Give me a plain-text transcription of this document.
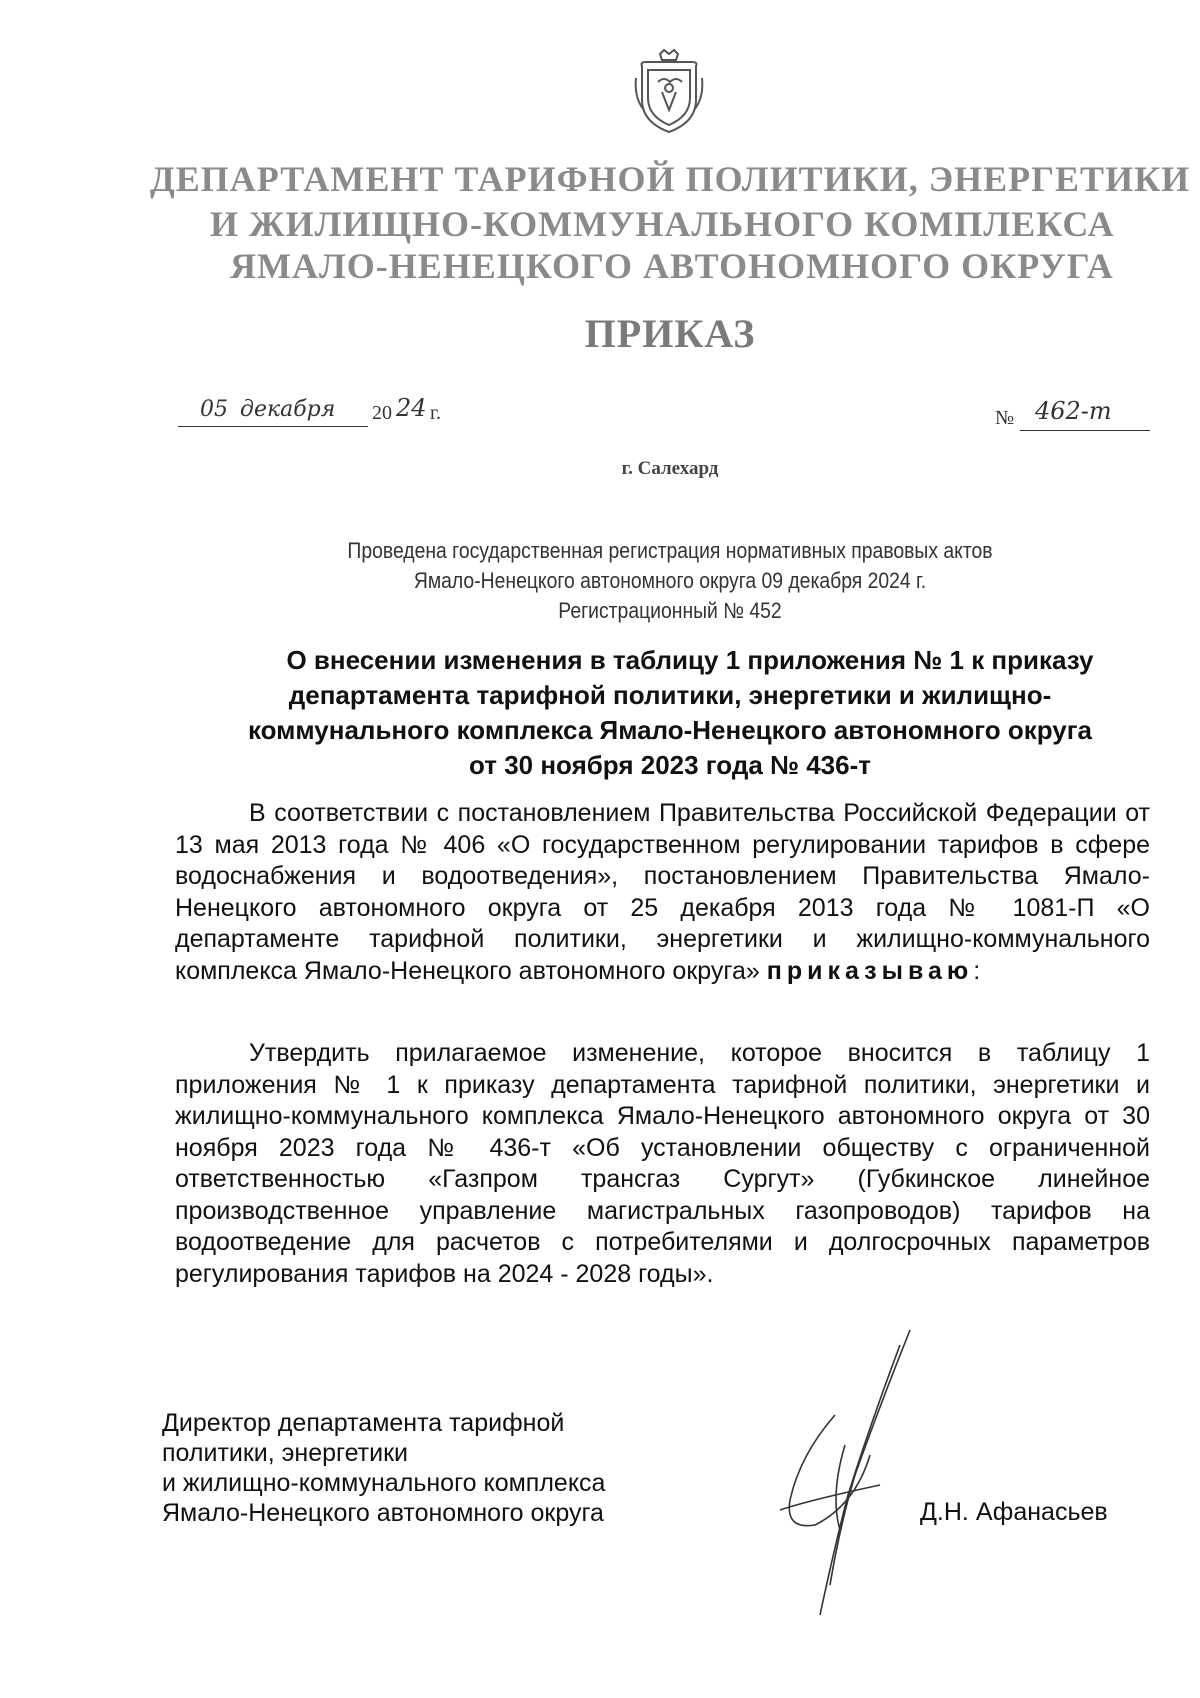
ДЕПАРТАМЕНТ ТАРИФНОЙ ПОЛИТИКИ, ЭНЕРГЕТИКИ
И ЖИЛИЩНО-КОММУНАЛЬНОГО КОМПЛЕКСА
ЯМАЛО-НЕНЕЦКОГО АВТОНОМНОГО ОКРУГА
ПРИКАЗ
05 декабря 20 24 г.	№ 462-т
г. Салехард
Проведена государственная регистрация нормативных правовых актов
Ямало-Ненецкого автономного округа 09 декабря 2024 г.
Регистрационный № 452
О внесении изменения в таблицу 1 приложения № 1 к приказу
департамента тарифной политики, энергетики и жилищно-
коммунального комплекса Ямало-Ненецкого автономного округа
от 30 ноября 2023 года № 436-т
В соответствии с постановлением Правительства Российской Федерации от 13 мая 2013 года № 406 «О государственном регулировании тарифов в сфере водоснабжения и водоотведения», постановлением Правительства Ямало-Ненецкого автономного округа от 25 декабря 2013 года № 1081-П «О департаменте тарифной политики, энергетики и жилищно-коммунального комплекса Ямало-Ненецкого автономного округа» приказываю:
Утвердить прилагаемое изменение, которое вносится в таблицу 1 приложения № 1 к приказу департамента тарифной политики, энергетики и жилищно-коммунального комплекса Ямало-Ненецкого автономного округа от 30 ноября 2023 года № 436-т «Об установлении обществу с ограниченной ответственностью «Газпром трансгаз Сургут» (Губкинское линейное производственное управление магистральных газопроводов) тарифов на водоотведение для расчетов с потребителями и долгосрочных параметров регулирования тарифов на 2024 - 2028 годы».
Директор департамента тарифной
политики, энергетики
и жилищно-коммунального комплекса
Ямало-Ненецкого автономного округа	Д.Н. Афанасьев
